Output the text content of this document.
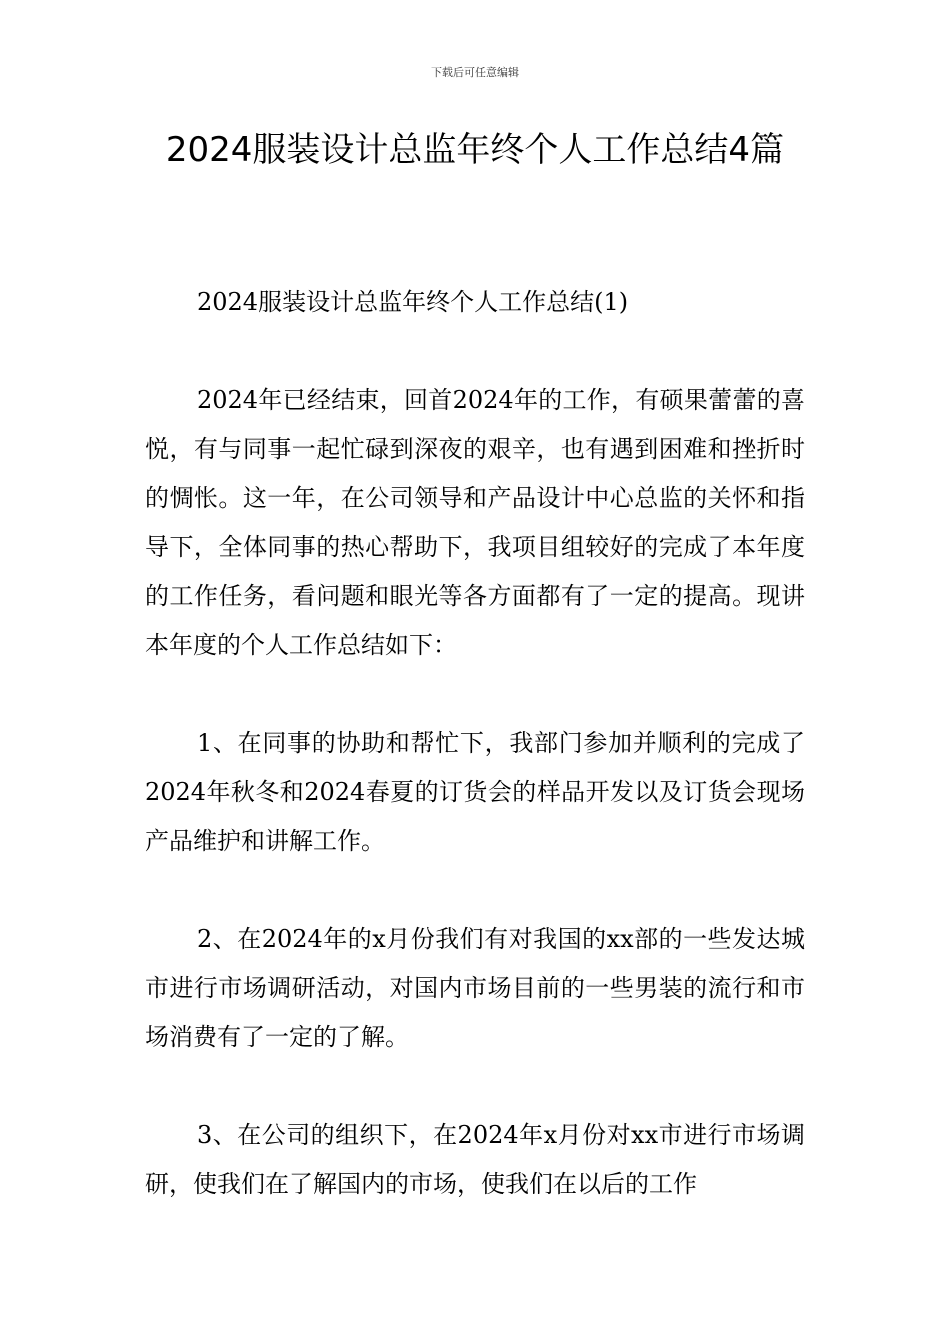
下载后可任意编辑
2024服装设计总监年终个人工作总结4篇

2024服装设计总监年终个人工作总结(1)

2024年已经结束，回首2024年的工作，有硕果蕾蕾的喜悦，有与同事一起忙碌到深夜的艰辛，也有遇到困难和挫折时的惆怅。这一年，在公司领导和产品设计中心总监的关怀和指导下，全体同事的热心帮助下，我项目组较好的完成了本年度的工作任务，看问题和眼光等各方面都有了一定的提高。现讲本年度的个人工作总结如下：

1、在同事的协助和帮忙下，我部门参加并顺利的完成了2024年秋冬和2024春夏的订货会的样品开发以及订货会现场产品维护和讲解工作。

2、在2024年的x月份我们有对我国的xx部的一些发达城市进行市场调研活动，对国内市场目前的一些男装的流行和市场消费有了一定的了解。

3、在公司的组织下，在2024年x月份对xx市进行市场调研，使我们在了解国内的市场，使我们在以后的工作
